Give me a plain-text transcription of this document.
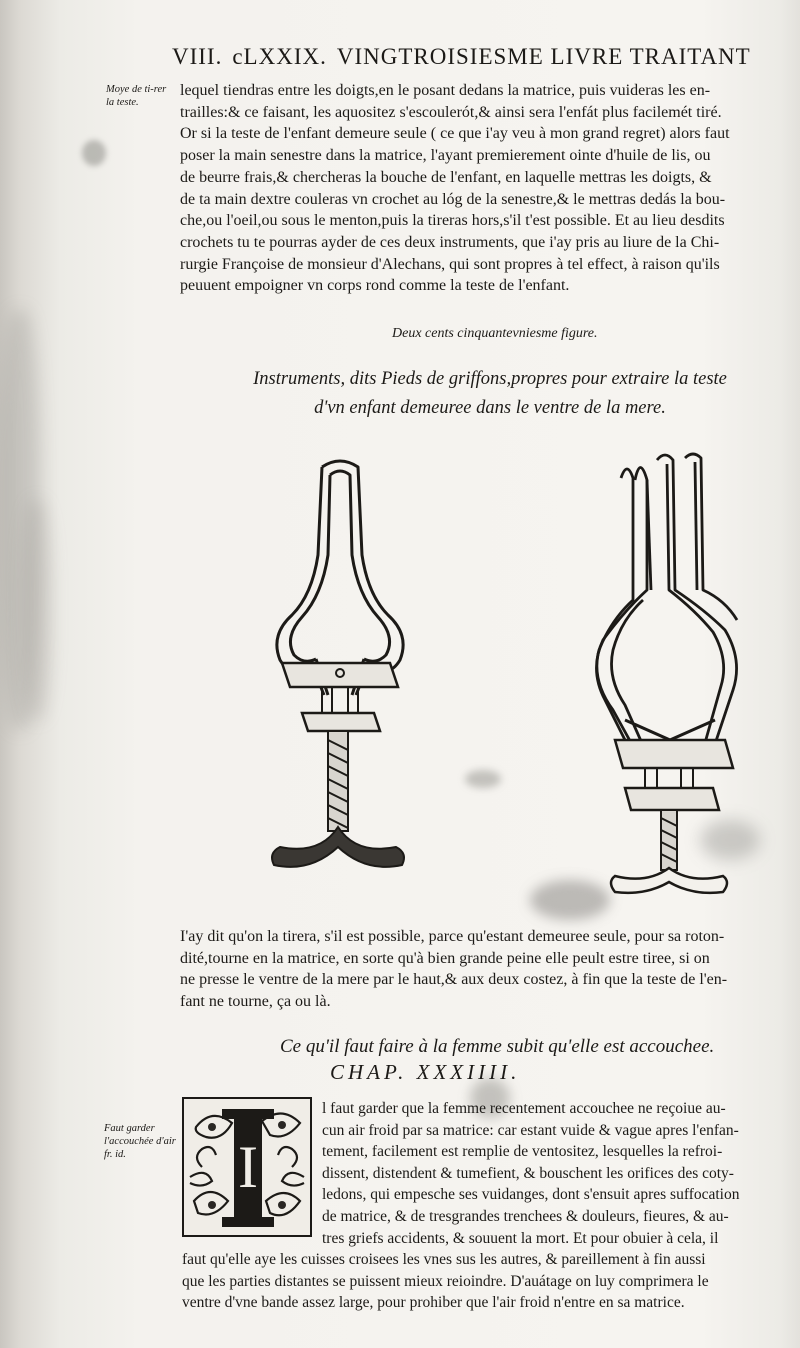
VIII. cLXXIX. VINGTROISIESME LIVRE TRAITANT
Moye de ti-rer la teste.
Faut garder l'accouchée d'air fr. id.

lequel tiendras entre les doigts,en le posant dedans la matrice, puis vuideras les en-

trailles:& ce faisant, les aquositez s'escoulerót,& ainsi sera l'enfát plus facilemét tiré.

Or si la teste de l'enfant demeure seule ( ce que i'ay veu à mon grand regret) alors faut

poser la main senestre dans la matrice, l'ayant premierement ointe d'huile de lis, ou

de beurre frais,& chercheras la bouche de l'enfant, en laquelle mettras les doigts, &

de ta main dextre couleras vn crochet au lóg de la senestre,& le mettras dedás la bou-

che,ou l'oeil,ou sous le menton,puis la tireras hors,s'il t'est possible. Et au lieu desdits

crochets tu te pourras ayder de ces deux instruments, que i'ay pris au liure de la Chi-

rurgie Françoise de monsieur d'Alechans, qui sont propres à tel effect, à raison qu'ils

peuuent empoigner vn corps rond comme la teste de l'enfant.

Deux cents cinquantevniesme figure.
Instruments, dits Pieds de griffons,propres pour extraire la teste
d'vn enfant demeuree dans le ventre de la mere.

I'ay dit qu'on la tirera, s'il est possible, parce qu'estant demeuree seule, pour sa roton-

dité,tourne en la matrice, en sorte qu'à bien grande peine elle peult estre tiree, si on

ne presse le ventre de la mere par le haut,& aux deux costez, à fin que la teste de l'en-

fant ne tourne, ça ou là.

Ce qu'il faut faire à la femme subit qu'elle est accouchee.
CHAP. XXXIIII.
I

l faut garder que la femme recentement accouchee ne reçoiue au-

cun air froid par sa matrice: car estant vuide & vague apres l'enfan-

tement, facilement est remplie de ventositez, lesquelles la refroi-

dissent, distendent & tumefient, & bouschent les orifices des coty-

ledons, qui empesche ses vuidanges, dont s'ensuit apres suffocation

de matrice, & de tresgrandes trenchees & douleurs, fieures, & au-

tres griefs accidents, & souuent la mort. Et pour obuier à cela, il

faut qu'elle aye les cuisses croisees les vnes sus les autres, & pareillement à fin aussi

que les parties distantes se puissent mieux reioindre. D'auátage on luy comprimera le

ventre d'vne bande assez large, pour prohiber que l'air froid n'entre en sa matrice.
